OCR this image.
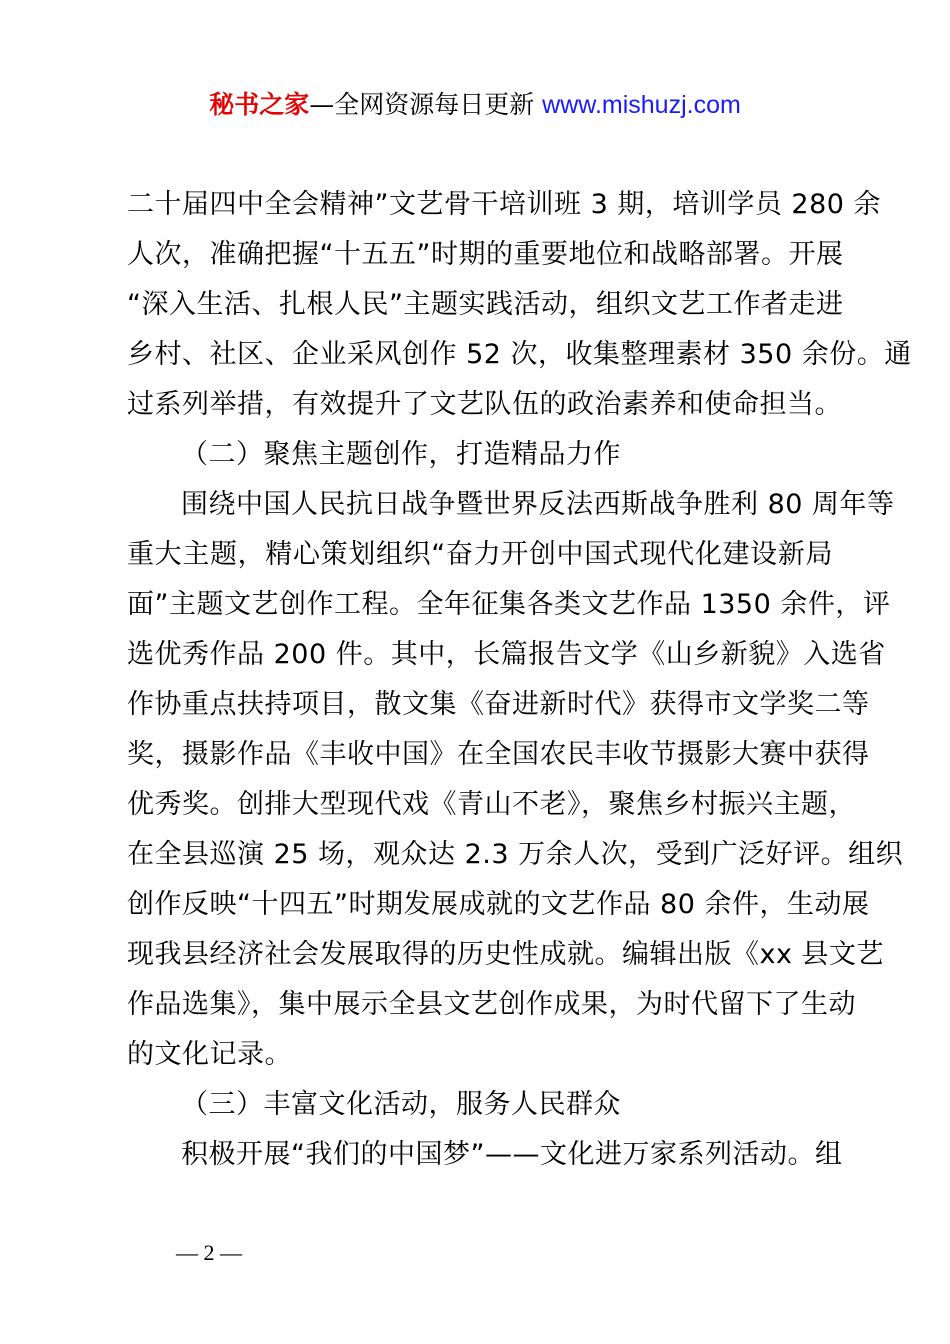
秘书之家—全网资源每日更新 www.mishuzj.com
二十届四中全会精神”文艺骨干培训班 3 期，培训学员 280 余
人次，准确把握“十五五”时期的重要地位和战略部署。开展
“深入生活、扎根人民”主题实践活动，组织文艺工作者走进
乡村、社区、企业采风创作 52 次，收集整理素材 350 余份。通
过系列举措，有效提升了文艺队伍的政治素养和使命担当。
（二）聚焦主题创作，打造精品力作
围绕中国人民抗日战争暨世界反法西斯战争胜利 80 周年等
重大主题，精心策划组织“奋力开创中国式现代化建设新局
面”主题文艺创作工程。全年征集各类文艺作品 1350 余件，评
选优秀作品 200 件。其中，长篇报告文学《山乡新貌》入选省
作协重点扶持项目，散文集《奋进新时代》获得市文学奖二等
奖，摄影作品《丰收中国》在全国农民丰收节摄影大赛中获得
优秀奖。创排大型现代戏《青山不老》，聚焦乡村振兴主题，
在全县巡演 25 场，观众达 2.3 万余人次，受到广泛好评。组织
创作反映“十四五”时期发展成就的文艺作品 80 余件，生动展
现我县经济社会发展取得的历史性成就。编辑出版《xx 县文艺
作品选集》，集中展示全县文艺创作成果，为时代留下了生动
的文化记录。
（三）丰富文化活动，服务人民群众
积极开展“我们的中国梦”——文化进万家系列活动。组
— 2 —
